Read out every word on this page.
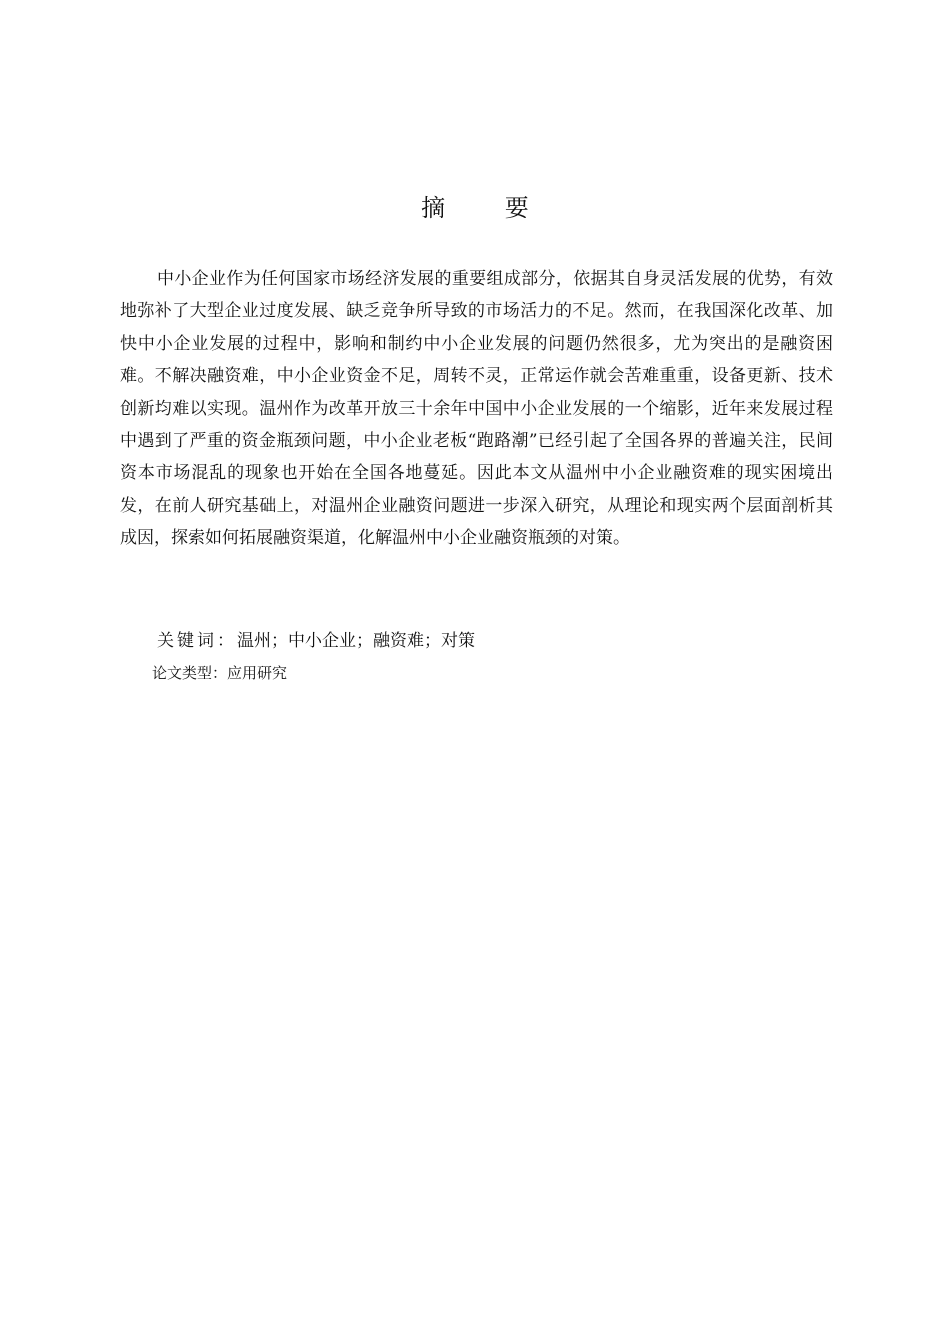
摘 要

中小企业作为任何国家市场经济发展的重要组成部分，依据其自身灵活发展的优势，有效地弥补了大型企业过度发展、缺乏竞争所导致的市场活力的不足。然而，在我国深化改革、加快中小企业发展的过程中，影响和制约中小企业发展的问题仍然很多，尤为突出的是融资困难。不解决融资难，中小企业资金不足，周转不灵，正常运作就会苦难重重，设备更新、技术创新均难以实现。温州作为改革开放三十余年中国中小企业发展的一个缩影，近年来发展过程中遇到了严重的资金瓶颈问题，中小企业老板“跑路潮”已经引起了全国各界的普遍关注，民间资本市场混乱的现象也开始在全国各地蔓延。因此本文从温州中小企业融资难的现实困境出发，在前人研究基础上，对温州企业融资问题进一步深入研究，从理论和现实两个层面剖析其成因，探索如何拓展融资渠道，化解温州中小企业融资瓶颈的对策。

关键词：温州；中小企业；融资难；对策
论文类型：应用研究
